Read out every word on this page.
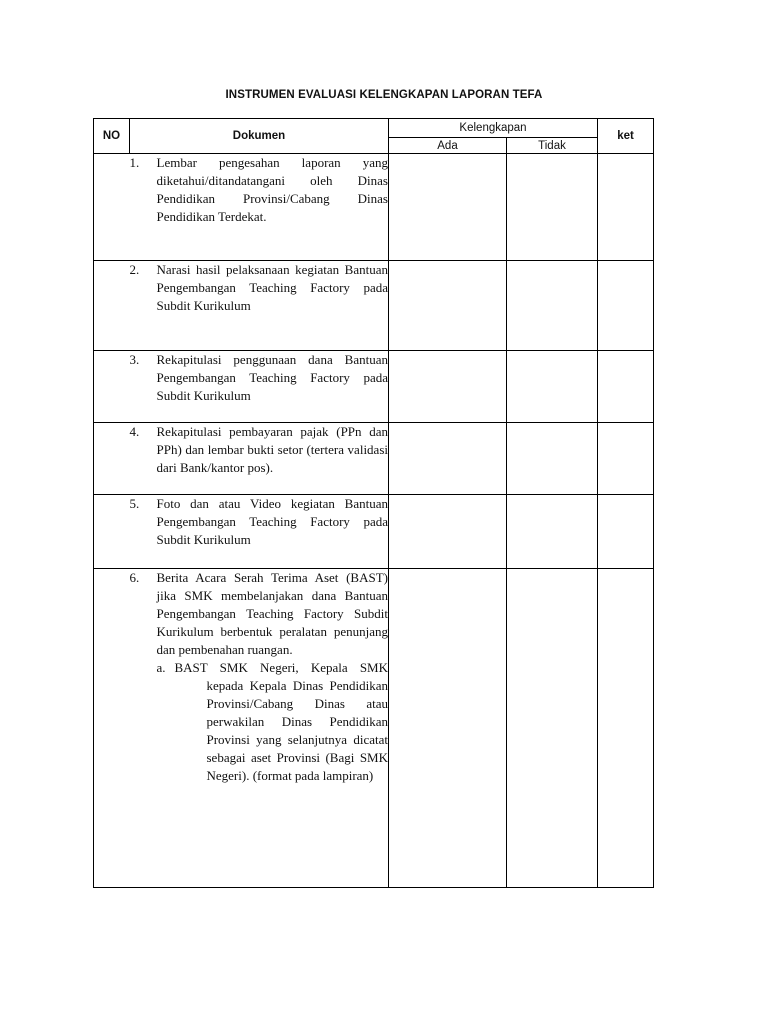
INSTRUMEN EVALUASI KELENGKAPAN LAPORAN TEFA
NO	Dokumen	Kelengkapan		ket
		Ada	Tidak	

	1. Lembar pengesahan laporan yang diketahui/ditandatangani oleh Dinas Pendidikan Provinsi/Cabang Dinas Pendidikan Terdekat.			

	2. Narasi hasil pelaksanaan kegiatan Bantuan Pengembangan Teaching Factory pada Subdit Kurikulum			

	3. Rekapitulasi penggunaan dana Bantuan Pengembangan Teaching Factory pada Subdit Kurikulum			

	4. Rekapitulasi pembayaran pajak (PPn dan PPh) dan lembar bukti setor (tertera validasi dari Bank/kantor pos).			

	5. Foto dan atau Video kegiatan Bantuan Pengembangan Teaching Factory pada Subdit Kurikulum			

	6. Berita Acara Serah Terima Aset (BAST) jika SMK membelanjakan dana Bantuan Pengembangan Teaching Factory Subdit Kurikulum berbentuk peralatan penunjang dan pembenahan ruangan.
a. BAST SMK Negeri, Kepala SMK kepada Kepala Dinas Pendidikan Provinsi/Cabang Dinas atau perwakilan Dinas Pendidikan Provinsi yang selanjutnya dicatat sebagai aset Provinsi (Bagi SMK Negeri). (format pada lampiran)			
